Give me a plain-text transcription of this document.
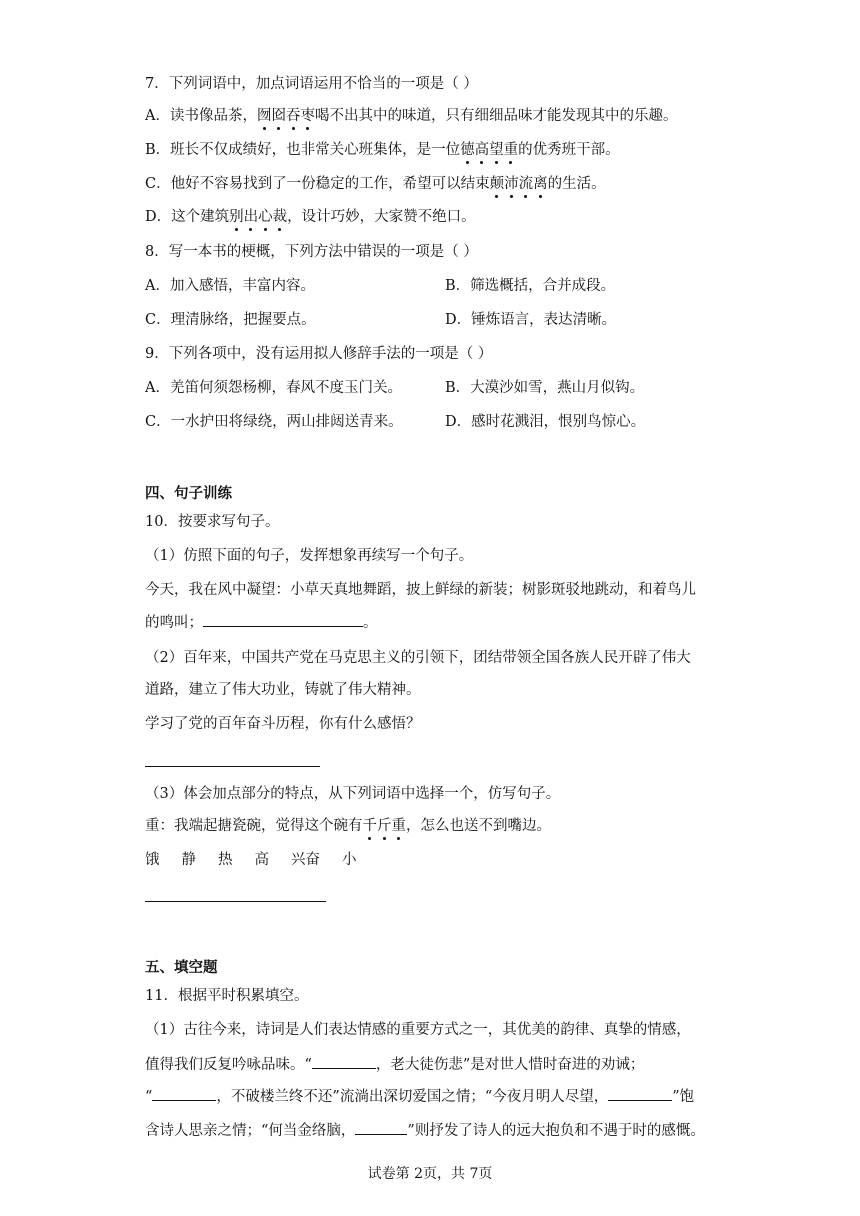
7．下列词语中，加点词语运用不恰当的一项是（ ）
A．读书像品茶，囫囵吞枣喝不出其中的味道，只有细细品味才能发现其中的乐趣。
B．班长不仅成绩好，也非常关心班集体，是一位德高望重的优秀班干部。
C．他好不容易找到了一份稳定的工作，希望可以结束颠沛流离的生活。
D．这个建筑别出心裁，设计巧妙，大家赞不绝口。
8．写一本书的梗概，下列方法中错误的一项是（ ）
A．加入感悟，丰富内容。	B．筛选概括，合并成段。
C．理清脉络，把握要点。	D．锤炼语言，表达清晰。
9．下列各项中，没有运用拟人修辞手法的一项是（ ）
A．羌笛何须怨杨柳，春风不度玉门关。	B．大漠沙如雪，燕山月似钩。
C．一水护田将绿绕，两山排闼送青来。	D．感时花溅泪，恨别鸟惊心。
四、句子训练
10．按要求写句子。
（1）仿照下面的句子，发挥想象再续写一个句子。
今天，我在风中凝望：小草天真地舞蹈，披上鲜绿的新装；树影斑驳地跳动，和着鸟儿
的鸣叫；	。
（2）百年来，中国共产党在马克思主义的引领下，团结带领全国各族人民开辟了伟大
道路，建立了伟大功业，铸就了伟大精神。
学习了党的百年奋斗历程，你有什么感悟？
（3）体会加点部分的特点，从下列词语中选择一个，仿写句子。
重：我端起搪瓷碗，觉得这个碗有千斤重，怎么也送不到嘴边。
饿 静 热 高 兴奋 小
五、填空题
11．根据平时积累填空。
（1）古往今来，诗词是人们表达情感的重要方式之一，其优美的韵律、真挚的情感，
值得我们反复吟咏品味。“	，老大徒伤悲”是对世人惜时奋进的劝诫；
“	，不破楼兰终不还”流淌出深切爱国之情；“今夜月明人尽望，	”饱
含诗人思亲之情；“何当金络脑，	”则抒发了诗人的远大抱负和不遇于时的感慨。
试卷第 2页，共 7页
